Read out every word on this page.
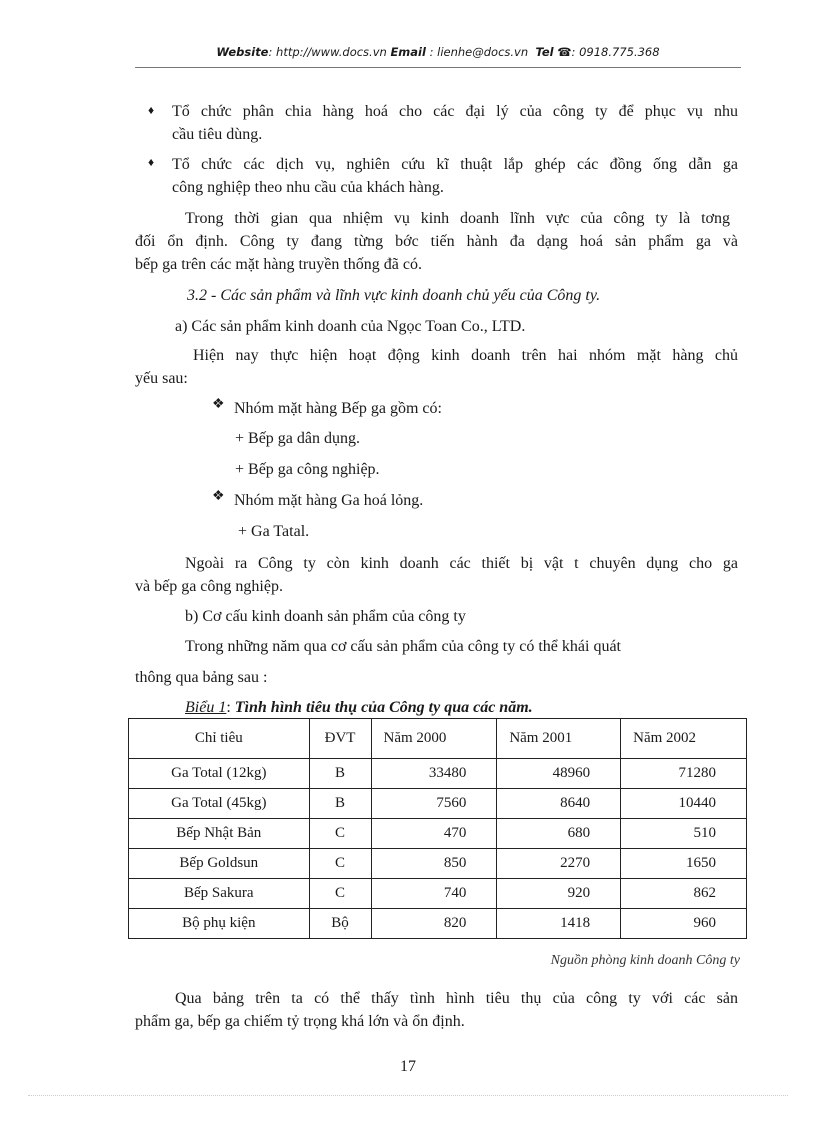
Website: http://www.docs.vn Email : lienhe@docs.vn Tel ☎: 0918.775.368
♦ Tổ chức phân chia hàng hoá cho các đại lý của công ty để phục vụ nhu
cầu tiêu dùng.
♦ Tổ chức các dịch vụ, nghiên cứu kĩ thuật lắp ghép các đồng ống dẫn ga
công nghiệp theo nhu cầu của khách hàng.
Trong thời gian qua nhiệm vụ kinh doanh lĩnh vực của công ty là tơng
đối ổn định. Công ty đang từng bớc tiến hành đa dạng hoá sản phẩm ga và
bếp ga trên các mặt hàng truyền thống đã có.
3.2 - Các sản phẩm và lĩnh vực kinh doanh chủ yếu của Công ty.
a) Các sản phẩm kinh doanh của Ngọc Toan Co., LTD.
Hiện nay thực hiện hoạt động kinh doanh trên hai nhóm mặt hàng chủ
yếu sau:
❖ Nhóm mặt hàng Bếp ga gồm có:
+ Bếp ga dân dụng.
+ Bếp ga công nghiệp.
❖ Nhóm mặt hàng Ga hoá lỏng.
+ Ga Tatal.
Ngoài ra Công ty còn kinh doanh các thiết bị vật t chuyên dụng cho ga
và bếp ga công nghiệp.
b) Cơ cấu kinh doanh sản phẩm của công ty
Trong những năm qua cơ cấu sản phẩm của công ty có thể khái quát
thông qua bảng sau :
Biểu 1: Tình hình tiêu thụ của Công ty qua các năm.
Chỉ tiêu	ĐVT	Năm 2000	Năm 2001	Năm 2002
Ga Total (12kg)	B	33480	48960	71280
Ga Total (45kg)	B	7560	8640	10440
Bếp Nhật Bản	C	470	680	510
Bếp Goldsun	C	850	2270	1650
Bếp Sakura	C	740	920	862
Bộ phụ kiện	Bộ	820	1418	960
Nguồn phòng kinh doanh Công ty
Qua bảng trên ta có thể thấy tình hình tiêu thụ của công ty với các sản
phẩm ga, bếp ga chiếm tỷ trọng khá lớn và ổn định.
17
